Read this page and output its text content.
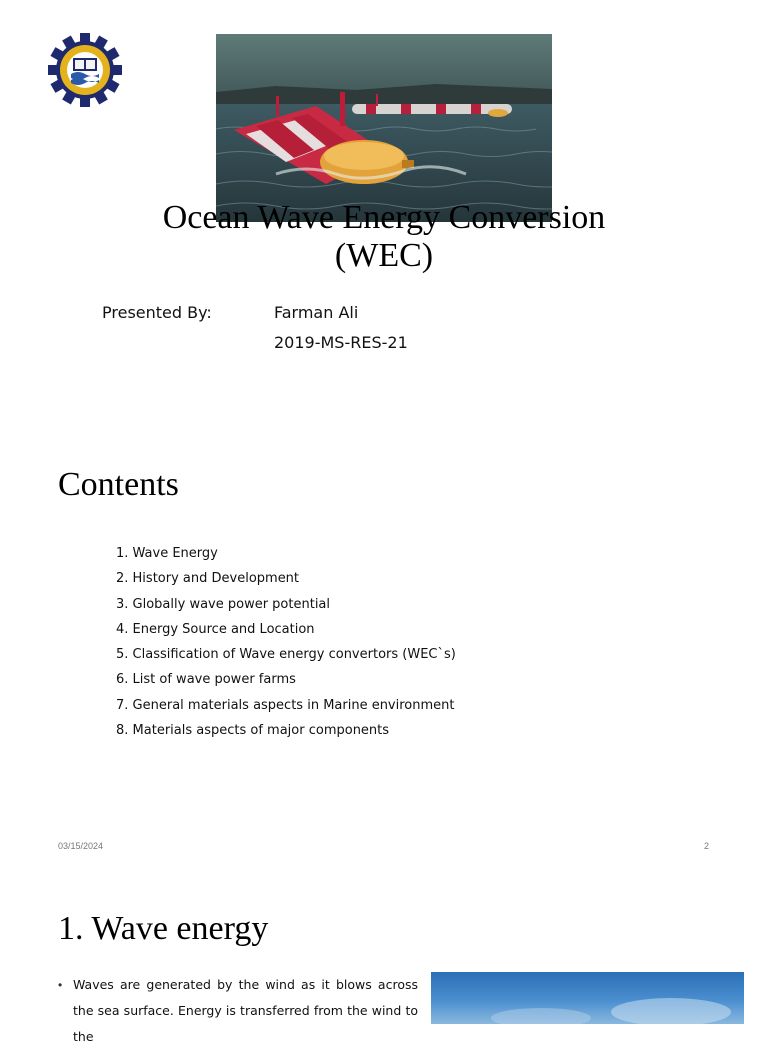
Ocean Wave Energy Conversion
(WEC)
Presented By:	Farman Ali
2019-MS-RES-21
Contents
1. Wave Energy
2. History and Development
3. Globally wave power potential
4. Energy Source and Location
5. Classification of Wave energy convertors (WEC`s)
6. List of wave power farms
7. General materials aspects in Marine environment
8. Materials aspects of major components
03/15/2024	2
1. Wave energy
• Waves are generated by the wind as it blows across the sea surface. Energy is transferred from the wind to the
